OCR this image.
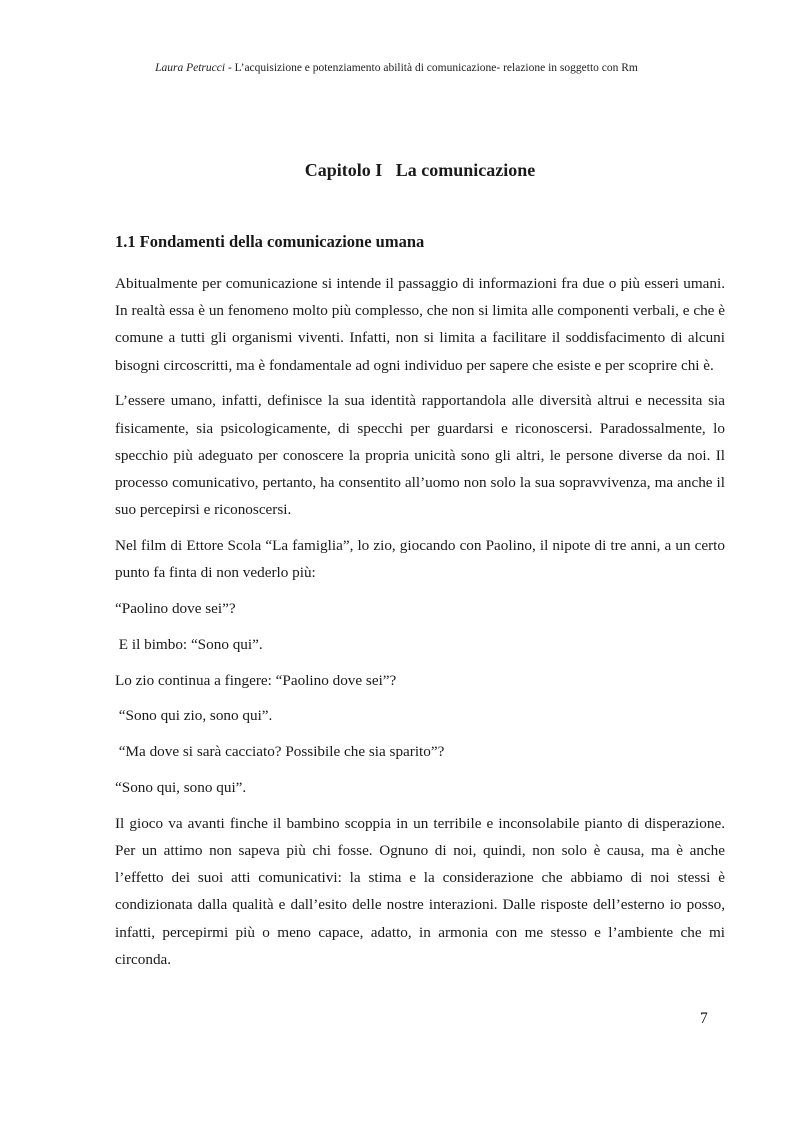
Laura Petrucci - L’acquisizione e potenziamento abilità di comunicazione- relazione in soggetto con Rm
Capitolo I   La comunicazione
1.1 Fondamenti della comunicazione umana

Abitualmente per comunicazione si intende il passaggio di informazioni fra due o più esseri umani. In realtà essa è un fenomeno molto più complesso, che non si limita alle componenti verbali, e che è comune a tutti gli organismi viventi. Infatti, non si limita a facilitare il soddisfacimento di alcuni bisogni circoscritti, ma è fondamentale ad ogni individuo per sapere che esiste e per scoprire chi è.

L’essere umano, infatti, definisce la sua identità rapportandola alle diversità altrui e necessita sia fisicamente, sia psicologicamente, di specchi per guardarsi e riconoscersi. Paradossalmente, lo specchio più adeguato per conoscere la propria unicità sono gli altri, le persone diverse da noi. Il processo comunicativo, pertanto, ha consentito all’uomo non solo la sua sopravvivenza, ma anche il suo percepirsi e riconoscersi.

Nel film di Ettore Scola “La famiglia”, lo zio, giocando con Paolino, il nipote di tre anni, a un certo punto fa finta di non vederlo più:

“Paolino dove sei”?

E il bimbo: “Sono qui”.

Lo zio continua a fingere: “Paolino dove sei”?

“Sono qui zio, sono qui”.

“Ma dove si sarà cacciato? Possibile che sia sparito”?

“Sono qui, sono qui”.

Il gioco va avanti finche il bambino scoppia in un terribile e inconsolabile pianto di disperazione. Per un attimo non sapeva più chi fosse. Ognuno di noi, quindi, non solo è causa, ma è anche l’effetto dei suoi atti comunicativi: la stima e la considerazione che abbiamo di noi stessi è condizionata dalla qualità e dall’esito delle nostre interazioni. Dalle risposte dell’esterno io posso, infatti, percepirmi più o meno capace, adatto, in armonia con me stesso e l’ambiente che mi circonda.

7
